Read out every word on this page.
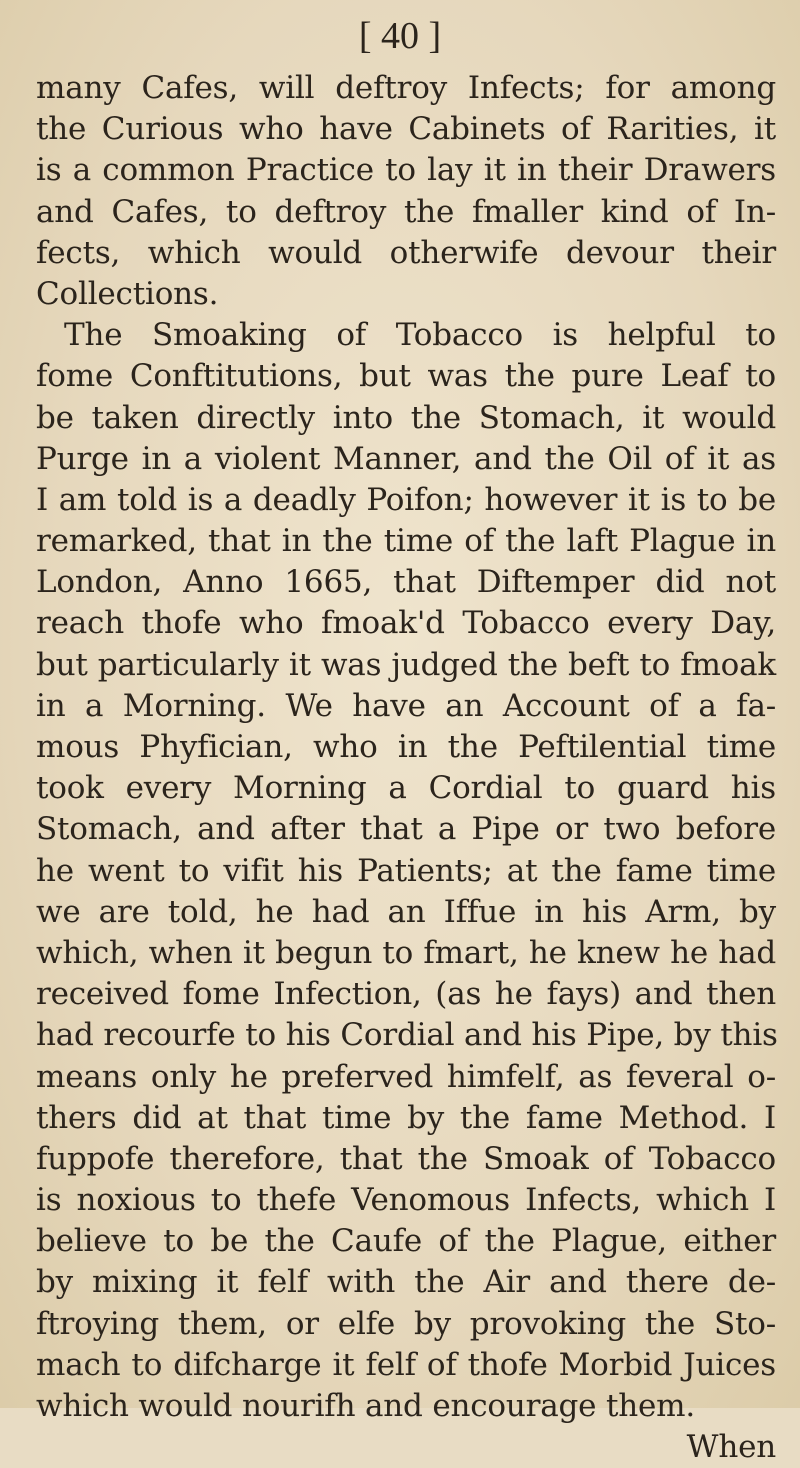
[ 40 ]
many Cafes, will deftroy Infects; for among
the Curious who have Cabinets of Rarities, it
is a common Practice to lay it in their Drawers
and Cafes, to deftroy the fmaller kind of In-
fects, which would otherwife devour their
Collections.
The Smoaking of Tobacco is helpful to
fome Conftitutions, but was the pure Leaf to
be taken directly into the Stomach, it would
Purge in a violent Manner, and the Oil of it as
I am told is a deadly Poifon; however it is to be
remarked, that in the time of the laft Plague in
London, Anno 1665, that Diftemper did not
reach thofe who fmoak'd Tobacco every Day,
but particularly it was judged the beft to fmoak
in a Morning. We have an Account of a fa-
mous Phyfician, who in the Peftilential time
took every Morning a Cordial to guard his
Stomach, and after that a Pipe or two before
he went to vifit his Patients; at the fame time
we are told, he had an Iffue in his Arm, by
which, when it begun to fmart, he knew he had
received fome Infection, (as he fays) and then
had recourfe to his Cordial and his Pipe, by this
means only he preferved himfelf, as feveral o-
thers did at that time by the fame Method. I
fuppofe therefore, that the Smoak of Tobacco
is noxious to thefe Venomous Infects, which I
believe to be the Caufe of the Plague, either
by mixing it felf with the Air and there de-
ftroying them, or elfe by provoking the Sto-
mach to difcharge it felf of thofe Morbid Juices
which would nourifh and encourage them.
When
